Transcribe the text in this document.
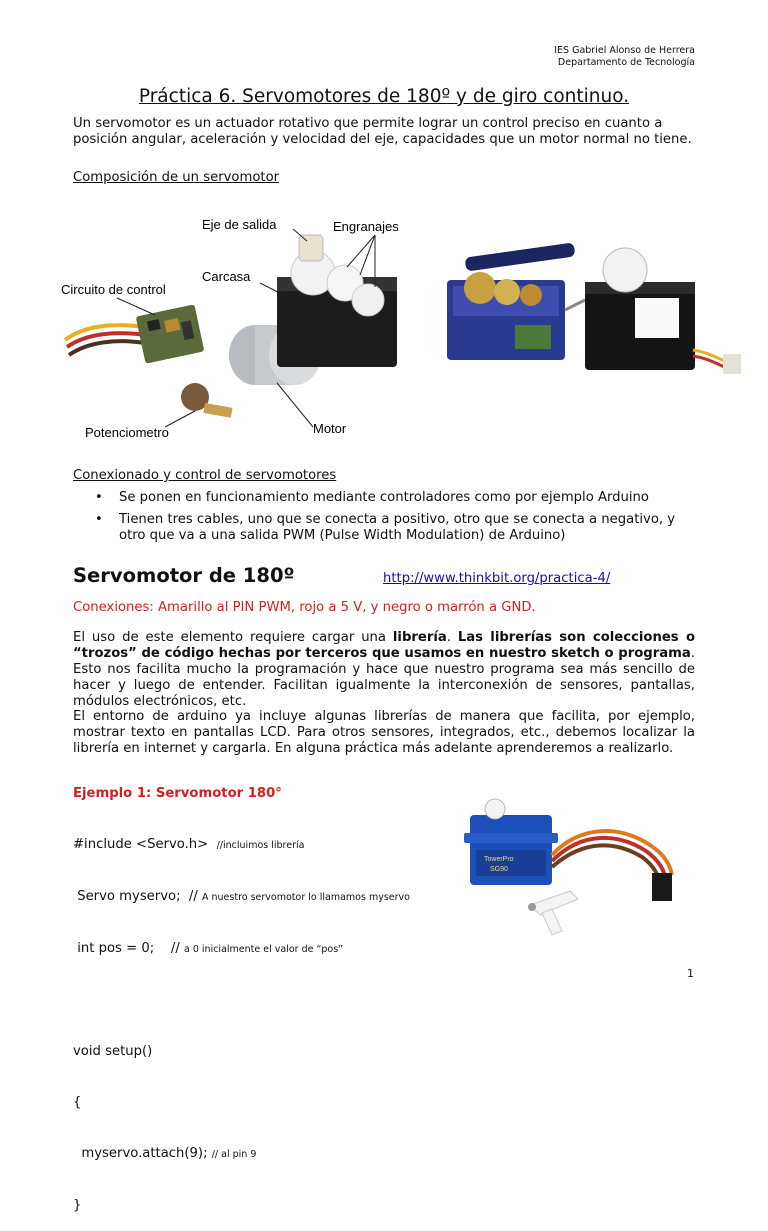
IES Gabriel Alonso de Herrera
Departamento de Tecnología
Práctica 6. Servomotores de 180º y de giro continuo.
Un servomotor es un actuador rotativo que permite lograr un control preciso en cuanto a posición angular, aceleración y velocidad del eje, capacidades que un motor normal no tiene.
Composición de un servomotor
Eje de salida	Engranajes
Carcasa
Circuito de control
Potenciometro	Motor
Conexionado y control de servomotores
• Se ponen en funcionamiento mediante controladores como por ejemplo Arduino
• Tienen tres cables, uno que se conecta a positivo, otro que se conecta a negativo, y otro que va a una salida PWM (Pulse Width Modulation) de Arduino)
Servomotor de 180º	http://www.thinkbit.org/practica-4/
Conexiones: Amarillo al PIN PWM, rojo a 5 V, y negro o marrón a GND.
El uso de este elemento requiere cargar una librería. Las librerías son colecciones o “trozos” de código hechas por terceros que usamos en nuestro sketch o programa. Esto nos facilita mucho la programación y hace que nuestro programa sea más sencillo de hacer y luego de entender. Facilitan igualmente la interconexión de sensores, pantallas, módulos electrónicos, etc.
El entorno de arduino ya incluye algunas librerías de manera que facilita, por ejemplo, mostrar texto en pantallas LCD. Para otros sensores, integrados, etc., debemos localizar la librería en internet y cargarla. En alguna práctica más adelante aprenderemos a realizarlo.
Ejemplo 1: Servomotor 180°

#include <Servo.h>  //incluimos librería

Servo myservo;  // A nuestro servomotor lo llamamos myservo

int pos = 0;    // a 0 inicialmente el valor de “pos”

void setup()

{

myservo.attach(9); // al pin 9

}

TowerPro
SG90
1
